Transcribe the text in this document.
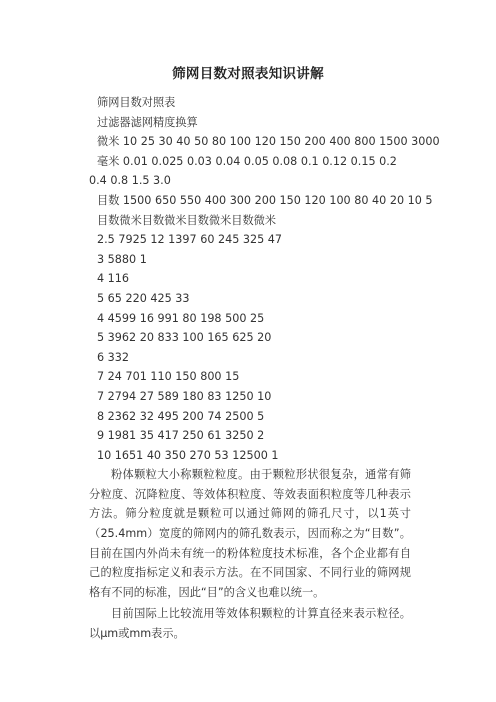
筛网目数对照表知识讲解
筛网目数对照表
过滤器滤网精度换算
微米 10 25 30 40 50 80 100 120 150 200 400 800 1500 3000
毫米 0.01 0.025 0.03 0.04 0.05 0.08 0.1 0.12 0.15 0.2 0.4 0.8 1.5 3.0
目数 1500 650 550 400 300 200 150 120 100 80 40 20 10 5
目数微米目数微米目数微米目数微米
2.5 7925 12 1397 60 245 325 47
3 5880 1
4 116
5 65 220 425 33
4 4599 16 991 80 198 500 25
5 3962 20 833 100 165 625 20
6 332
7 24 701 110 150 800 15
7 2794 27 589 180 83 1250 10
8 2362 32 495 200 74 2500 5
9 1981 35 417 250 61 3250 2
10 1651 40 350 270 53 12500 1
粉体颗粒大小称颗粒粒度。由于颗粒形状很复杂，通常有筛分粒度、沉降粒度、等效体积粒度、等效表面积粒度等几种表示方法。筛分粒度就是颗粒可以通过筛网的筛孔尺寸，以1英寸（25.4mm）宽度的筛网内的筛孔数表示，因而称之为“目数”。目前在国内外尚未有统一的粉体粒度技术标准，各个企业都有自己的粒度指标定义和表示方法。在不同国家、不同行业的筛网规格有不同的标准，因此“目”的含义也难以统一。
目前国际上比较流用等效体积颗粒的计算直径来表示粒径。以μm或mm表示。
